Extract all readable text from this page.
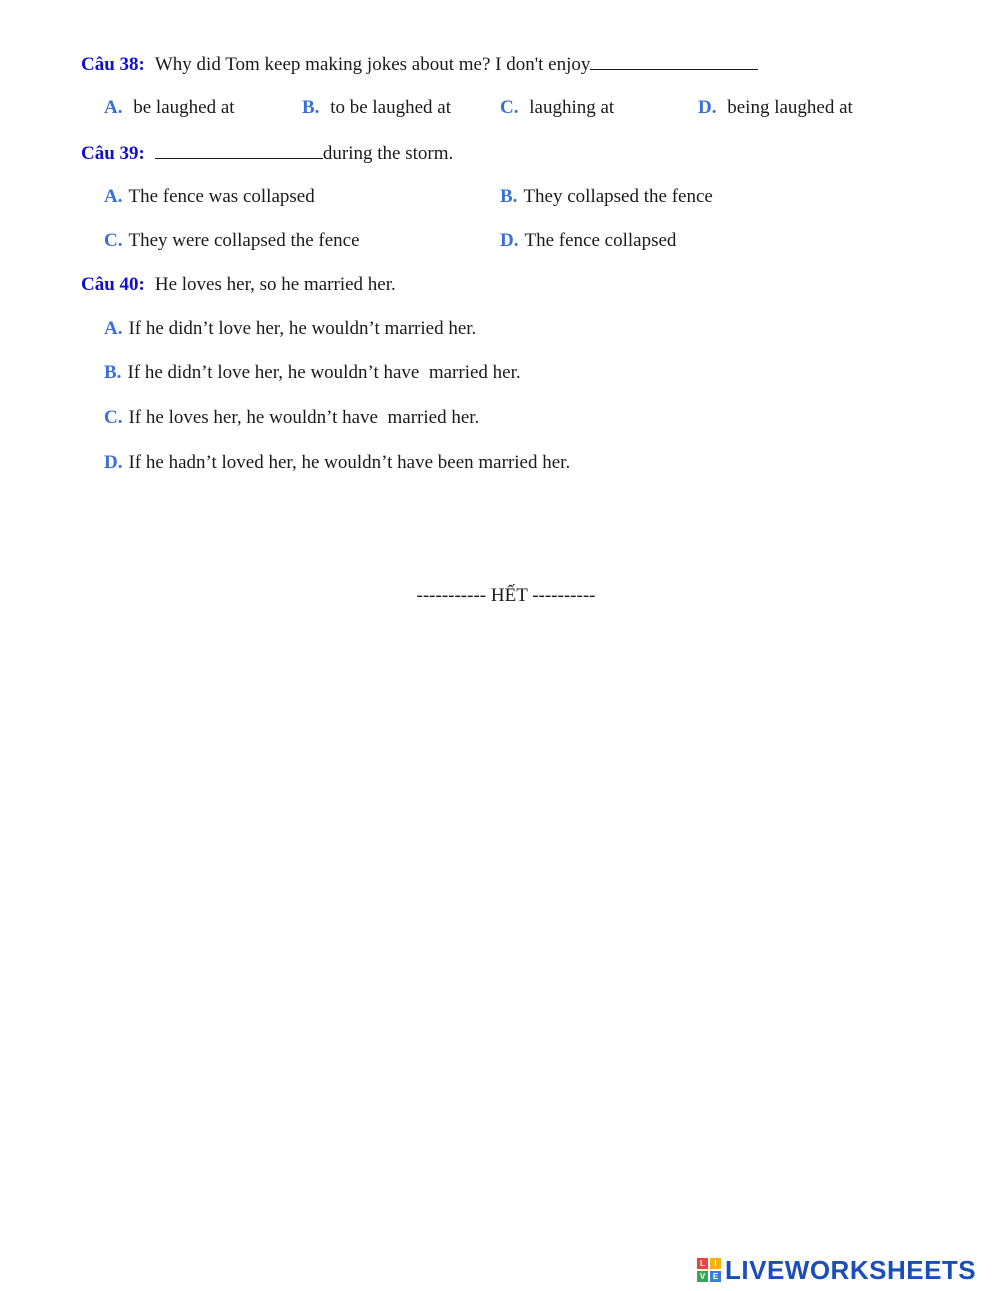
Câu 38: Why did Tom keep making jokes about me? I don't enjoy
A. be laughed at	B. to be laughed at	C. laughing at	D. being laughed at
Câu 39:	during the storm.
A. The fence was collapsed	B. They collapsed the fence
C. They were collapsed the fence	D. The fence collapsed
Câu 40: He loves her, so he married her.
A. If he didn’t love her, he wouldn’t married her.
B. If he didn’t love her, he wouldn’t have  married her.
C. If he loves her, he wouldn’t have  married her.
D. If he hadn’t loved her, he wouldn’t have been married her.
----------- HẾT ----------
L	I
V E LIVEWORKSHEETS
